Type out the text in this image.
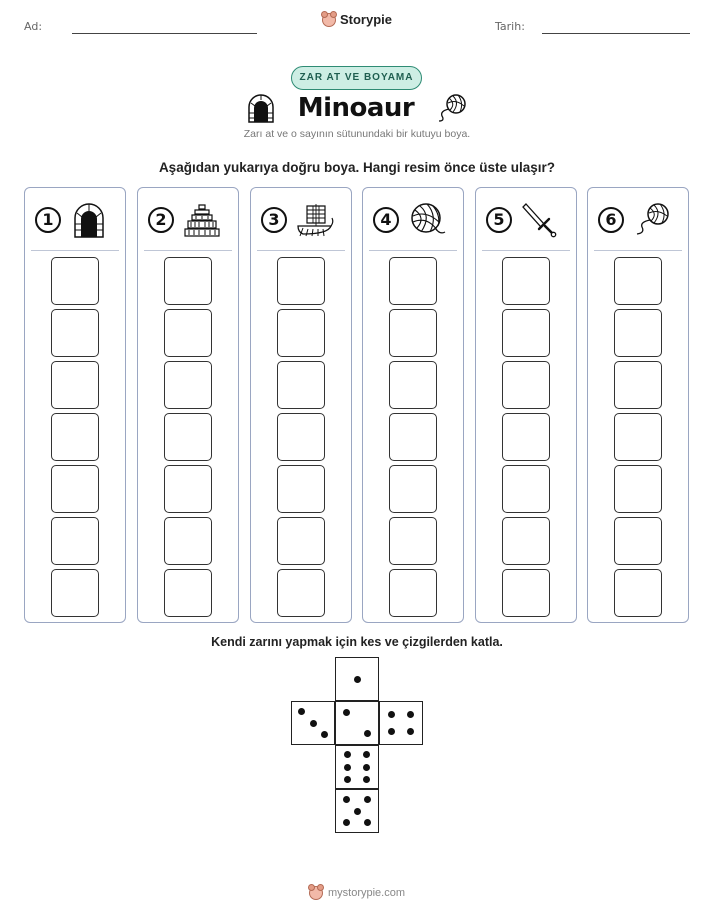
Ad:	Storypie	Tarih:
ZAR AT VE BOYAMA
Minoaur
Zarı at ve o sayının sütunundaki bir kutuyu boya.
Aşağıdan yukarıya doğru boya. Hangi resim önce üste ulaşır?
1	2	3	4	5	6
Kendi zarını yapmak için kes ve çizgilerden katla.
mystorypie.com
